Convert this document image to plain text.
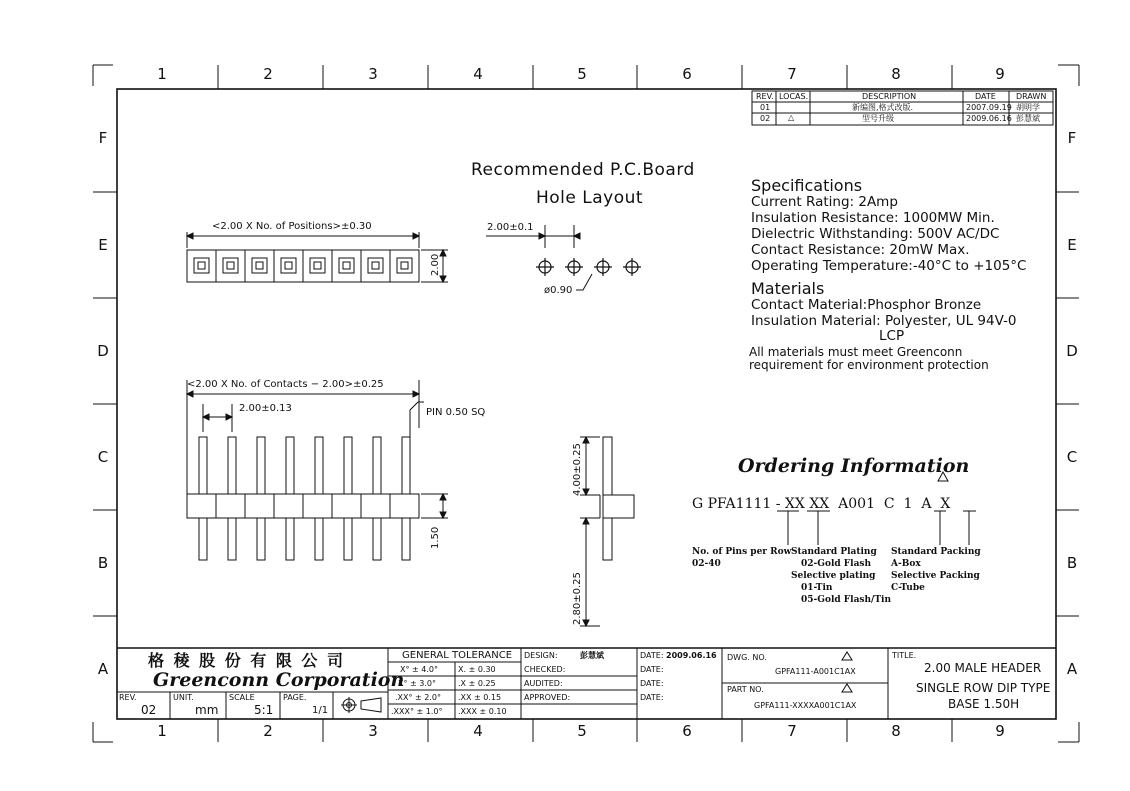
1	2	3	4	5	6	7	8	9
1	2	3	4	5	6	7	8	9
F
E
D
C
B
A
F
E
D
C
B
A
REV. LOCAS.	DESCRIPTION	DATE	DRAWN
01	新编图,格式改版.	2007.09.19 胡明学
02 △	型号升级	2009.06.16 彭慧斌
Recommended P.C.Board
Hole Layout
2.00±0.1
ø0.90
<2.00 X No. of Positions>±0.30
2.00
<2.00 X No. of Contacts − 2.00>±0.25
2.00±0.13	PIN 0.50 SQ
1.50
4.00±0.25
2.80±0.25
Specifications
Current Rating: 2Amp
Insulation Resistance: 1000MW Min.
Dielectric Withstanding: 500V AC/DC
Contact Resistance: 20mW Max.
Operating Temperature:-40°C to +105°C
Materials
Contact Material:Phosphor Bronze
Insulation Material: Polyester, UL 94V-0
LCP
All materials must meet Greenconn
requirement for environment protection
Ordering Information
G PFA1111 - XX XX  A001  C  1  A X
No. of Pins per Row
02-40
Standard Plating
02-Gold Flash
Selective plating
01-Tin
05-Gold Flash/Tin
Standard Packing
A-Box
Selective Packing
C-Tube
格 稜 股 份 有 限 公 司
Greenconn Corporation
REV.
02
UNIT.
mm
SCALE
5:1
PAGE.
1/1
GENERAL TOLERANCE
X° ± 4.0°	X. ± 0.30
X° ± 3.0°	.X ± 0.25
.XX° ± 2.0° .XX ± 0.15
.XXX° ± 1.0° .XXX ± 0.10
DESIGN:	彭慧斌
CHECKED:
AUDITED:
APPROVED:
DATE: 2009.06.16
DATE:
DATE:
DATE:
DWG. NO.
GPFA111-A001C1AX
PART NO.
GPFA111-XXXXA001C1AX
TITLE.
2.00 MALE HEADER
SINGLE ROW DIP TYPE
BASE 1.50H
